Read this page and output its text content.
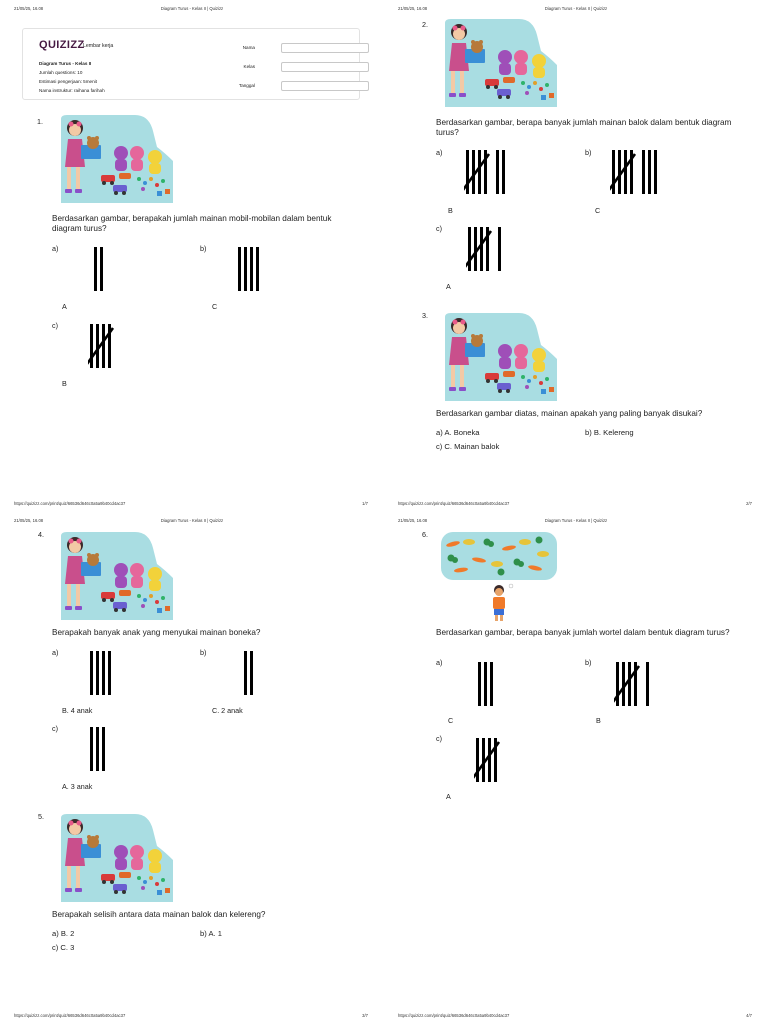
21/05/25, 16.08	Diagram Turus - Kelas II | Quizizz
QUIZIZZ
Lembar kerja
Diagram Turus - Kelas II
Jumlah questions: 10
Estimasi pengerjaan: 5menit
Nama instruktur: raihana farihah
Nama
Kelas
Tanggal
1.
Berdasarkan gambar, berapakah jumlah mainan mobil-mobilan dalam bentuk diagram turus?
a)
A
b)
C
c)
B
https://quizizz.com/print/quiz/66536d646c0a5a9b40cd4ac37	1/7
21/05/25, 16.08	Diagram Turus - Kelas II | Quizizz
2.
Berdasarkan gambar, berapa banyak jumlah mainan balok dalam bentuk diagram turus?
a)
B
b)
C
c)
A
3.
Berdasarkan gambar diatas, mainan apakah yang paling banyak disukai?
a) A. Boneka	b) B. Kelereng
c) C. Mainan balok
https://quizizz.com/print/quiz/66536d646c0a5a9b40cd4ac37	2/7
21/05/25, 16.08	Diagram Turus - Kelas II | Quizizz
4.
Berapakah banyak anak yang menyukai mainan boneka?
a)
B. 4 anak
b)
C. 2 anak
c)
A. 3 anak
5.
Berapakah selisih antara data mainan balok dan kelereng?
a) B. 2	b) A. 1
c) C. 3
https://quizizz.com/print/quiz/66536d646c0a5a9b40cd4ac37	3/7
21/05/25, 16.08	Diagram Turus - Kelas II | Quizizz
6.
Berdasarkan gambar, berapa banyak jumlah wortel dalam bentuk diagram turus?
a)
C
b)
B
c)
A
https://quizizz.com/print/quiz/66536d646c0a5a9b40cd4ac37	4/7
